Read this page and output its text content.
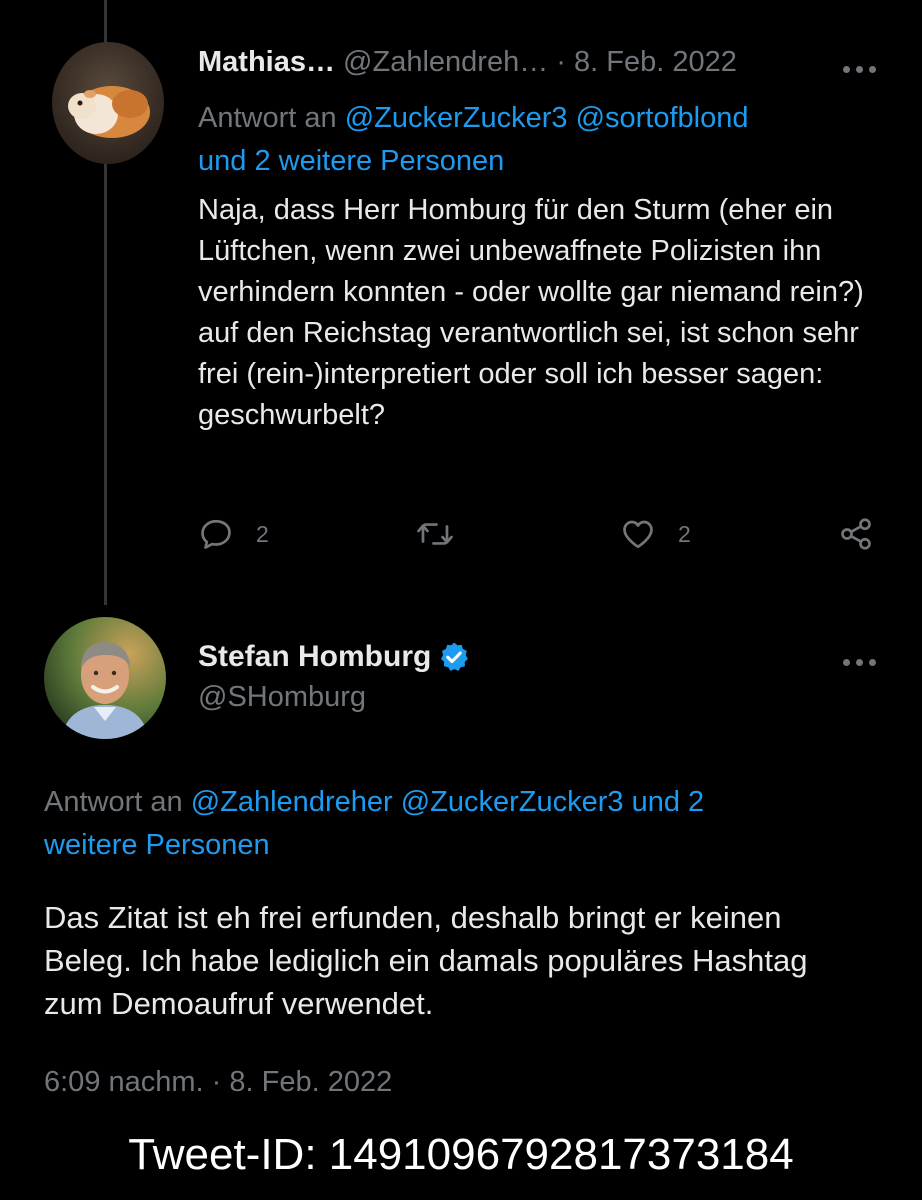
Mathias… @Zahlendreh… · 8. Feb. 2022
Antwort an @ZuckerZucker3 @sortofblond
und 2 weitere Personen
Naja, dass Herr Homburg für den Sturm (eher ein Lüftchen, wenn zwei unbewaffnete Polizisten ihn verhindern konnten - oder wollte gar niemand rein?) auf den Reichstag verantwortlich sei, ist schon sehr frei (rein-)interpretiert oder soll ich besser sagen: geschwurbelt?
2	2
Stefan Homburg
@SHomburg
Antwort an @Zahlendreher @ZuckerZucker3 und 2
weitere Personen
Das Zitat ist eh frei erfunden, deshalb bringt er keinen Beleg. Ich habe lediglich ein damals populäres Hashtag zum Demoaufruf verwendet.
6:09 nachm. · 8. Feb. 2022
Tweet-ID: 1491096792817373184
